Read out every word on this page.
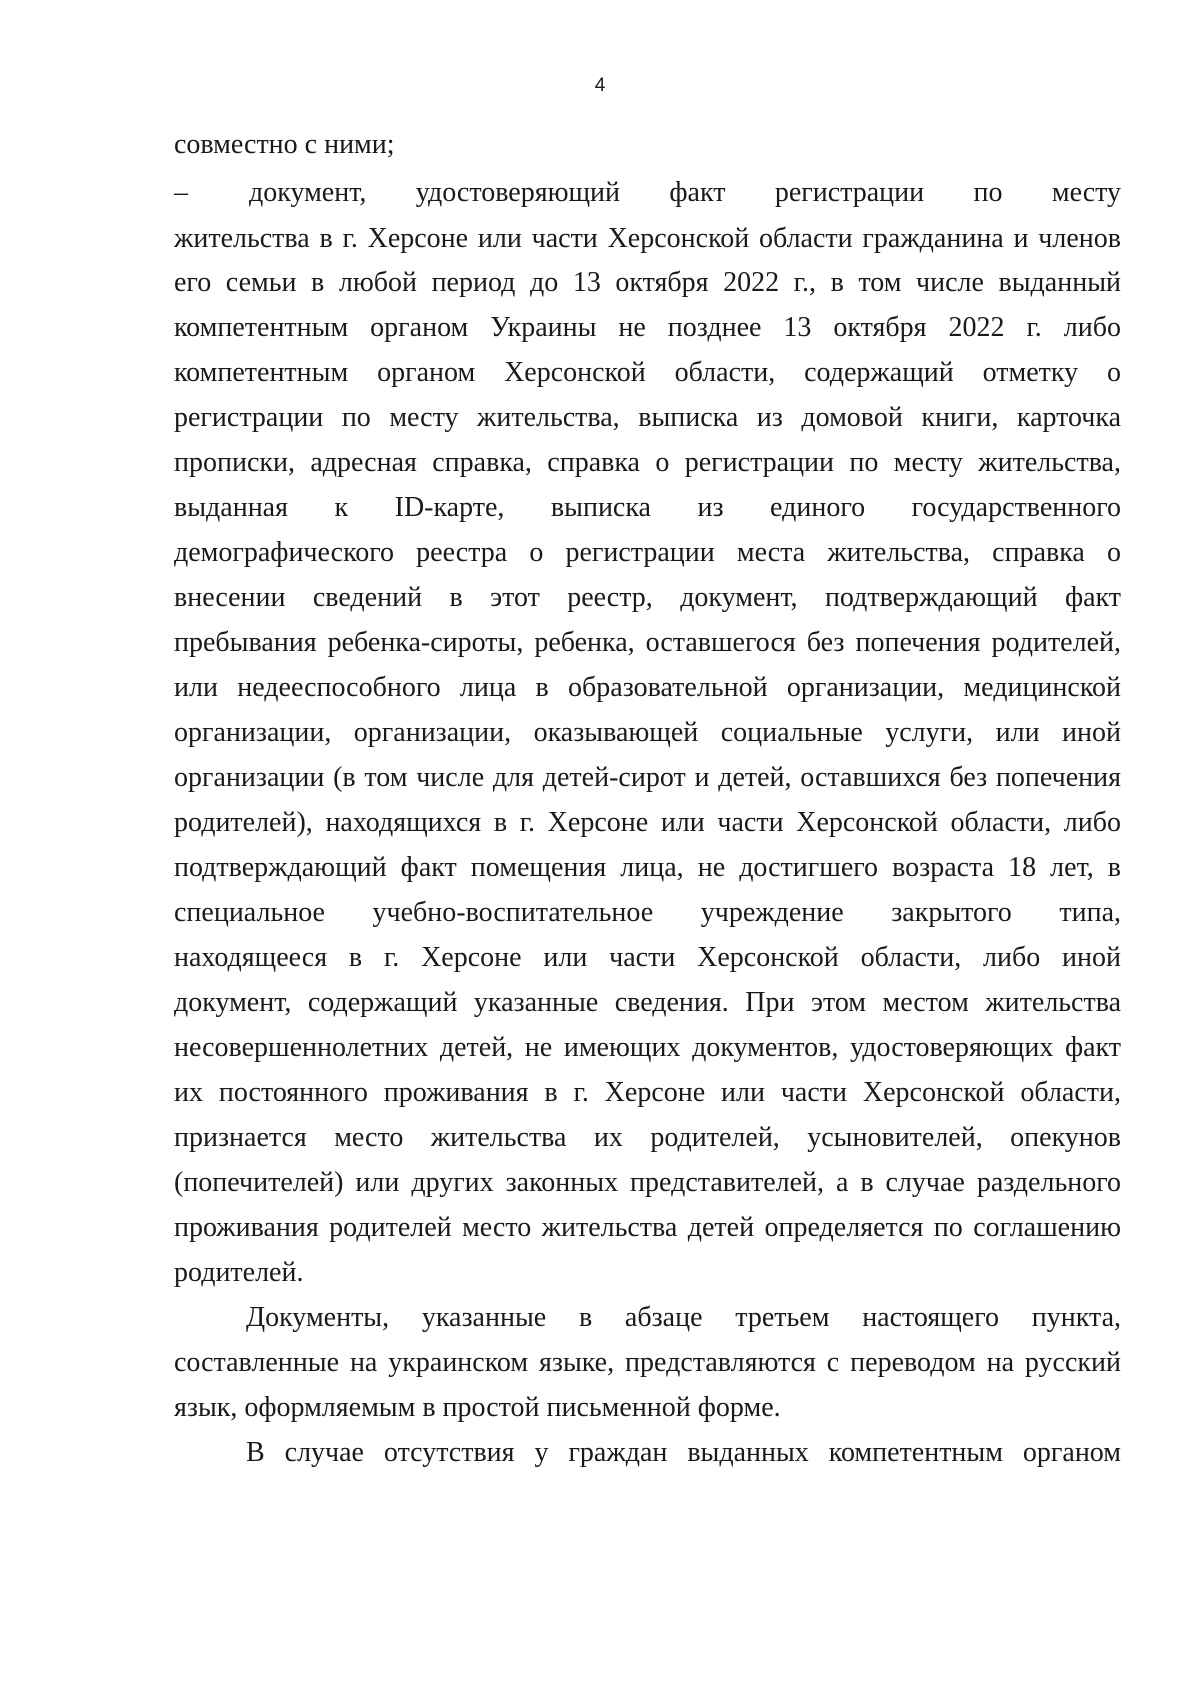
4
совместно с ними;
– документ, удостоверяющий факт регистрации по месту
жительства в г. Херсоне или части Херсонской области гражданина и членов
его семьи в любой период до 13 октября 2022 г., в том числе выданный
компетентным органом Украины не позднее 13 октября 2022 г. либо
компетентным органом Херсонской области, содержащий отметку о
регистрации по месту жительства, выписка из домовой книги, карточка
прописки, адресная справка, справка о регистрации по месту жительства,
выданная к ID-карте, выписка из единого государственного
демографического реестра о регистрации места жительства, справка о
внесении сведений в этот реестр, документ, подтверждающий факт
пребывания ребенка-сироты, ребенка, оставшегося без попечения родителей,
или недееспособного лица в образовательной организации, медицинской
организации, организации, оказывающей социальные услуги, или иной
организации (в том числе для детей-сирот и детей, оставшихся без попечения
родителей), находящихся в г. Херсоне или части Херсонской области, либо
подтверждающий факт помещения лица, не достигшего возраста 18 лет, в
специальное учебно-воспитательное учреждение закрытого типа,
находящееся в г. Херсоне или части Херсонской области, либо иной
документ, содержащий указанные сведения. При этом местом жительства
несовершеннолетних детей, не имеющих документов, удостоверяющих факт
их постоянного проживания в г. Херсоне или части Херсонской области,
признается место жительства их родителей, усыновителей, опекунов
(попечителей) или других законных представителей, а в случае раздельного
проживания родителей место жительства детей определяется по соглашению
родителей.
Документы, указанные в абзаце третьем настоящего пункта,
составленные на украинском языке, представляются с переводом на русский
язык, оформляемым в простой письменной форме.
В случае отсутствия у граждан выданных компетентным органом
